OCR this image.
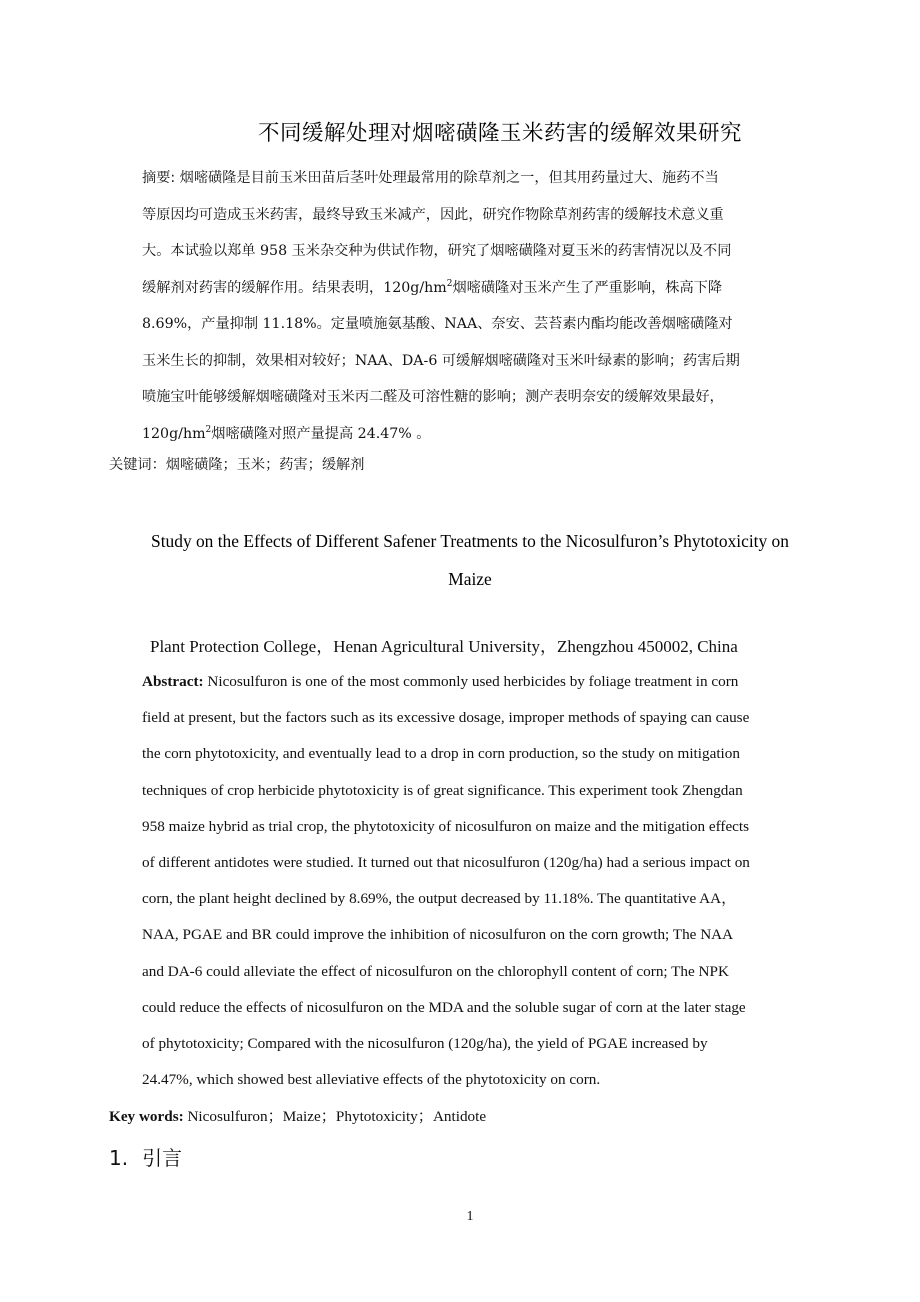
不同缓解处理对烟嘧磺隆玉米药害的缓解效果研究
摘要: 烟嘧磺隆是目前玉米田苗后茎叶处理最常用的除草剂之一，但其用药量过大、施药不当
等原因均可造成玉米药害，最终导致玉米减产，因此，研究作物除草剂药害的缓解技术意义重
大。本试验以郑单 958 玉米杂交种为供试作物，研究了烟嘧磺隆对夏玉米的药害情况以及不同
缓解剂对药害的缓解作用。结果表明，$120g/hm^2$烟嘧磺隆对玉米产生了严重影响，株高下降
8.69%，产量抑制 11.18%。定量喷施氨基酸、NAA、奈安、芸苔素内酯均能改善烟嘧磺隆对
玉米生长的抑制，效果相对较好；NAA、DA-6 可缓解烟嘧磺隆对玉米叶绿素的影响；药害后期
喷施宝叶能够缓解烟嘧磺隆对玉米丙二醛及可溶性糖的影响；测产表明奈安的缓解效果最好，
$120g/hm^2$烟嘧磺隆对照产量提高 24.47% 。
关键词：烟嘧磺隆；玉米；药害；缓解剂
Study on the Effects of Different Safener Treatments to the Nicosulfuron’s Phytotoxicity on
Maize
Plant Protection College，Henan Agricultural University，Zhengzhou 450002, China
Abstract: Nicosulfuron is one of the most commonly used herbicides by foliage treatment in corn
field at present, but the factors such as its excessive dosage, improper methods of spaying can cause
the corn phytotoxicity, and eventually lead to a drop in corn production, so the study on mitigation
techniques of crop herbicide phytotoxicity is of great significance. This experiment took Zhengdan
958 maize hybrid as trial crop, the phytotoxicity of nicosulfuron on maize and the mitigation effects
of different antidotes were studied. It turned out that nicosulfuron (120g/ha) had a serious impact on
corn, the plant height declined by 8.69%, the output decreased by 11.18%. The quantitative AA，
NAA, PGAE and BR could improve the inhibition of nicosulfuron on the corn growth; The NAA
and DA-6 could alleviate the effect of nicosulfuron on the chlorophyll content of corn; The NPK
could reduce the effects of nicosulfuron on the MDA and the soluble sugar of corn at the later stage
of phytotoxicity; Compared with the nicosulfuron (120g/ha), the yield of PGAE increased by
24.47%, which showed best alleviative effects of the phytotoxicity on corn.
Key words: Nicosulfuron；Maize；Phytotoxicity；Antidote
1. 引言
1
